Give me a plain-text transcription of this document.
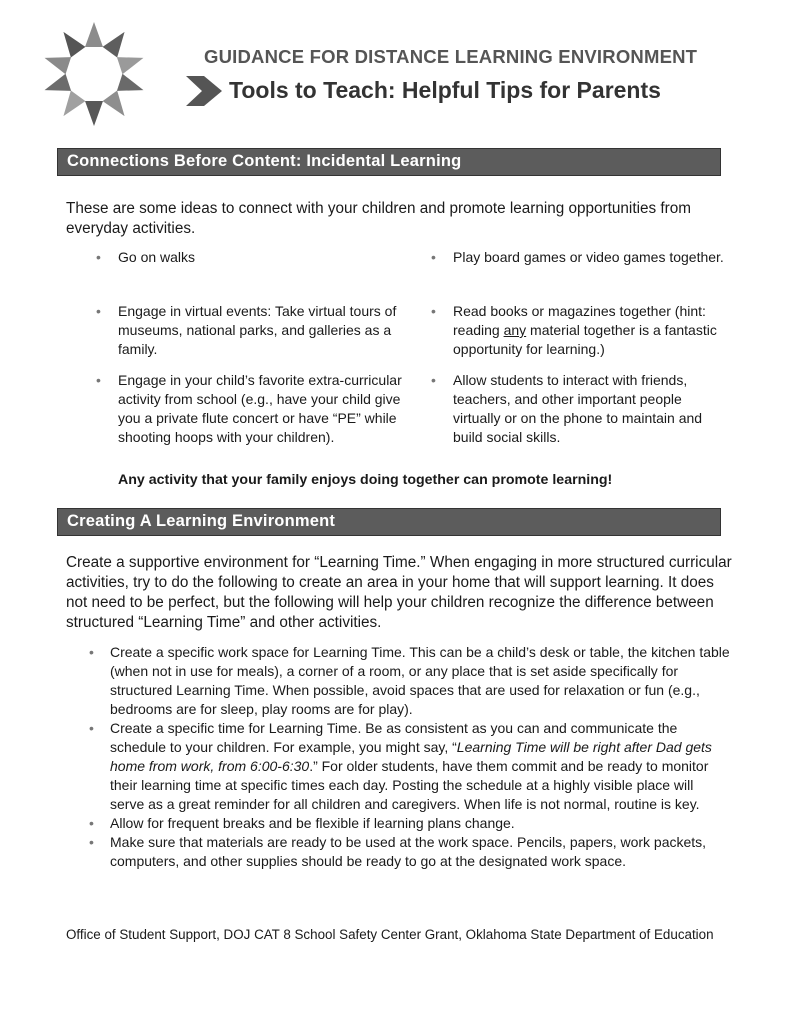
GUIDANCE FOR DISTANCE LEARNING ENVIRONMENT
Tools to Teach: Helpful Tips for Parents
Connections Before Content: Incidental Learning
These are some ideas to connect with your children and promote learning opportunities from everyday activities.
• Go on walks
•	Play board games or video games together.
• Engage in virtual events: Take virtual tours of museums, national parks, and galleries as a family.
• Read books or magazines together (hint: reading any material together is a fantastic opportunity for learning.)
• Engage in your child’s favorite extra-curricular activity from school (e.g., have your child give you a private flute concert or have “PE” while shooting hoops with your children).
• Allow students to interact with friends, teachers, and other important people virtually or on the phone to maintain and build social skills.
Any activity that your family enjoys doing together can promote learning!
Creating A Learning Environment
Create a supportive environment for “Learning Time.” When engaging in more structured curricular activities, try to do the following to create an area in your home that will support learning. It does not need to be perfect, but the following will help your children recognize the difference between structured “Learning Time” and other activities.
• Create a specific work space for Learning Time. This can be a child’s desk or table, the kitchen table (when not in use for meals), a corner of a room, or any place that is set aside specifically for structured Learning Time. When possible, avoid spaces that are used for relaxation or fun (e.g., bedrooms are for sleep, play rooms are for play).
• Create a specific time for Learning Time. Be as consistent as you can and communicate the schedule to your children. For example, you might say, “Learning Time will be right after Dad gets home from work, from 6:00-6:30.” For older students, have them commit and be ready to monitor their learning time at specific times each day. Posting the schedule at a highly visible place will serve as a great reminder for all children and caregivers. When life is not normal, routine is key.
• Allow for frequent breaks and be flexible if learning plans change.
• Make sure that materials are ready to be used at the work space. Pencils, papers, work packets, computers, and other supplies should be ready to go at the designated work space.
Office of Student Support, DOJ CAT 8 School Safety Center Grant, Oklahoma State Department of Education
